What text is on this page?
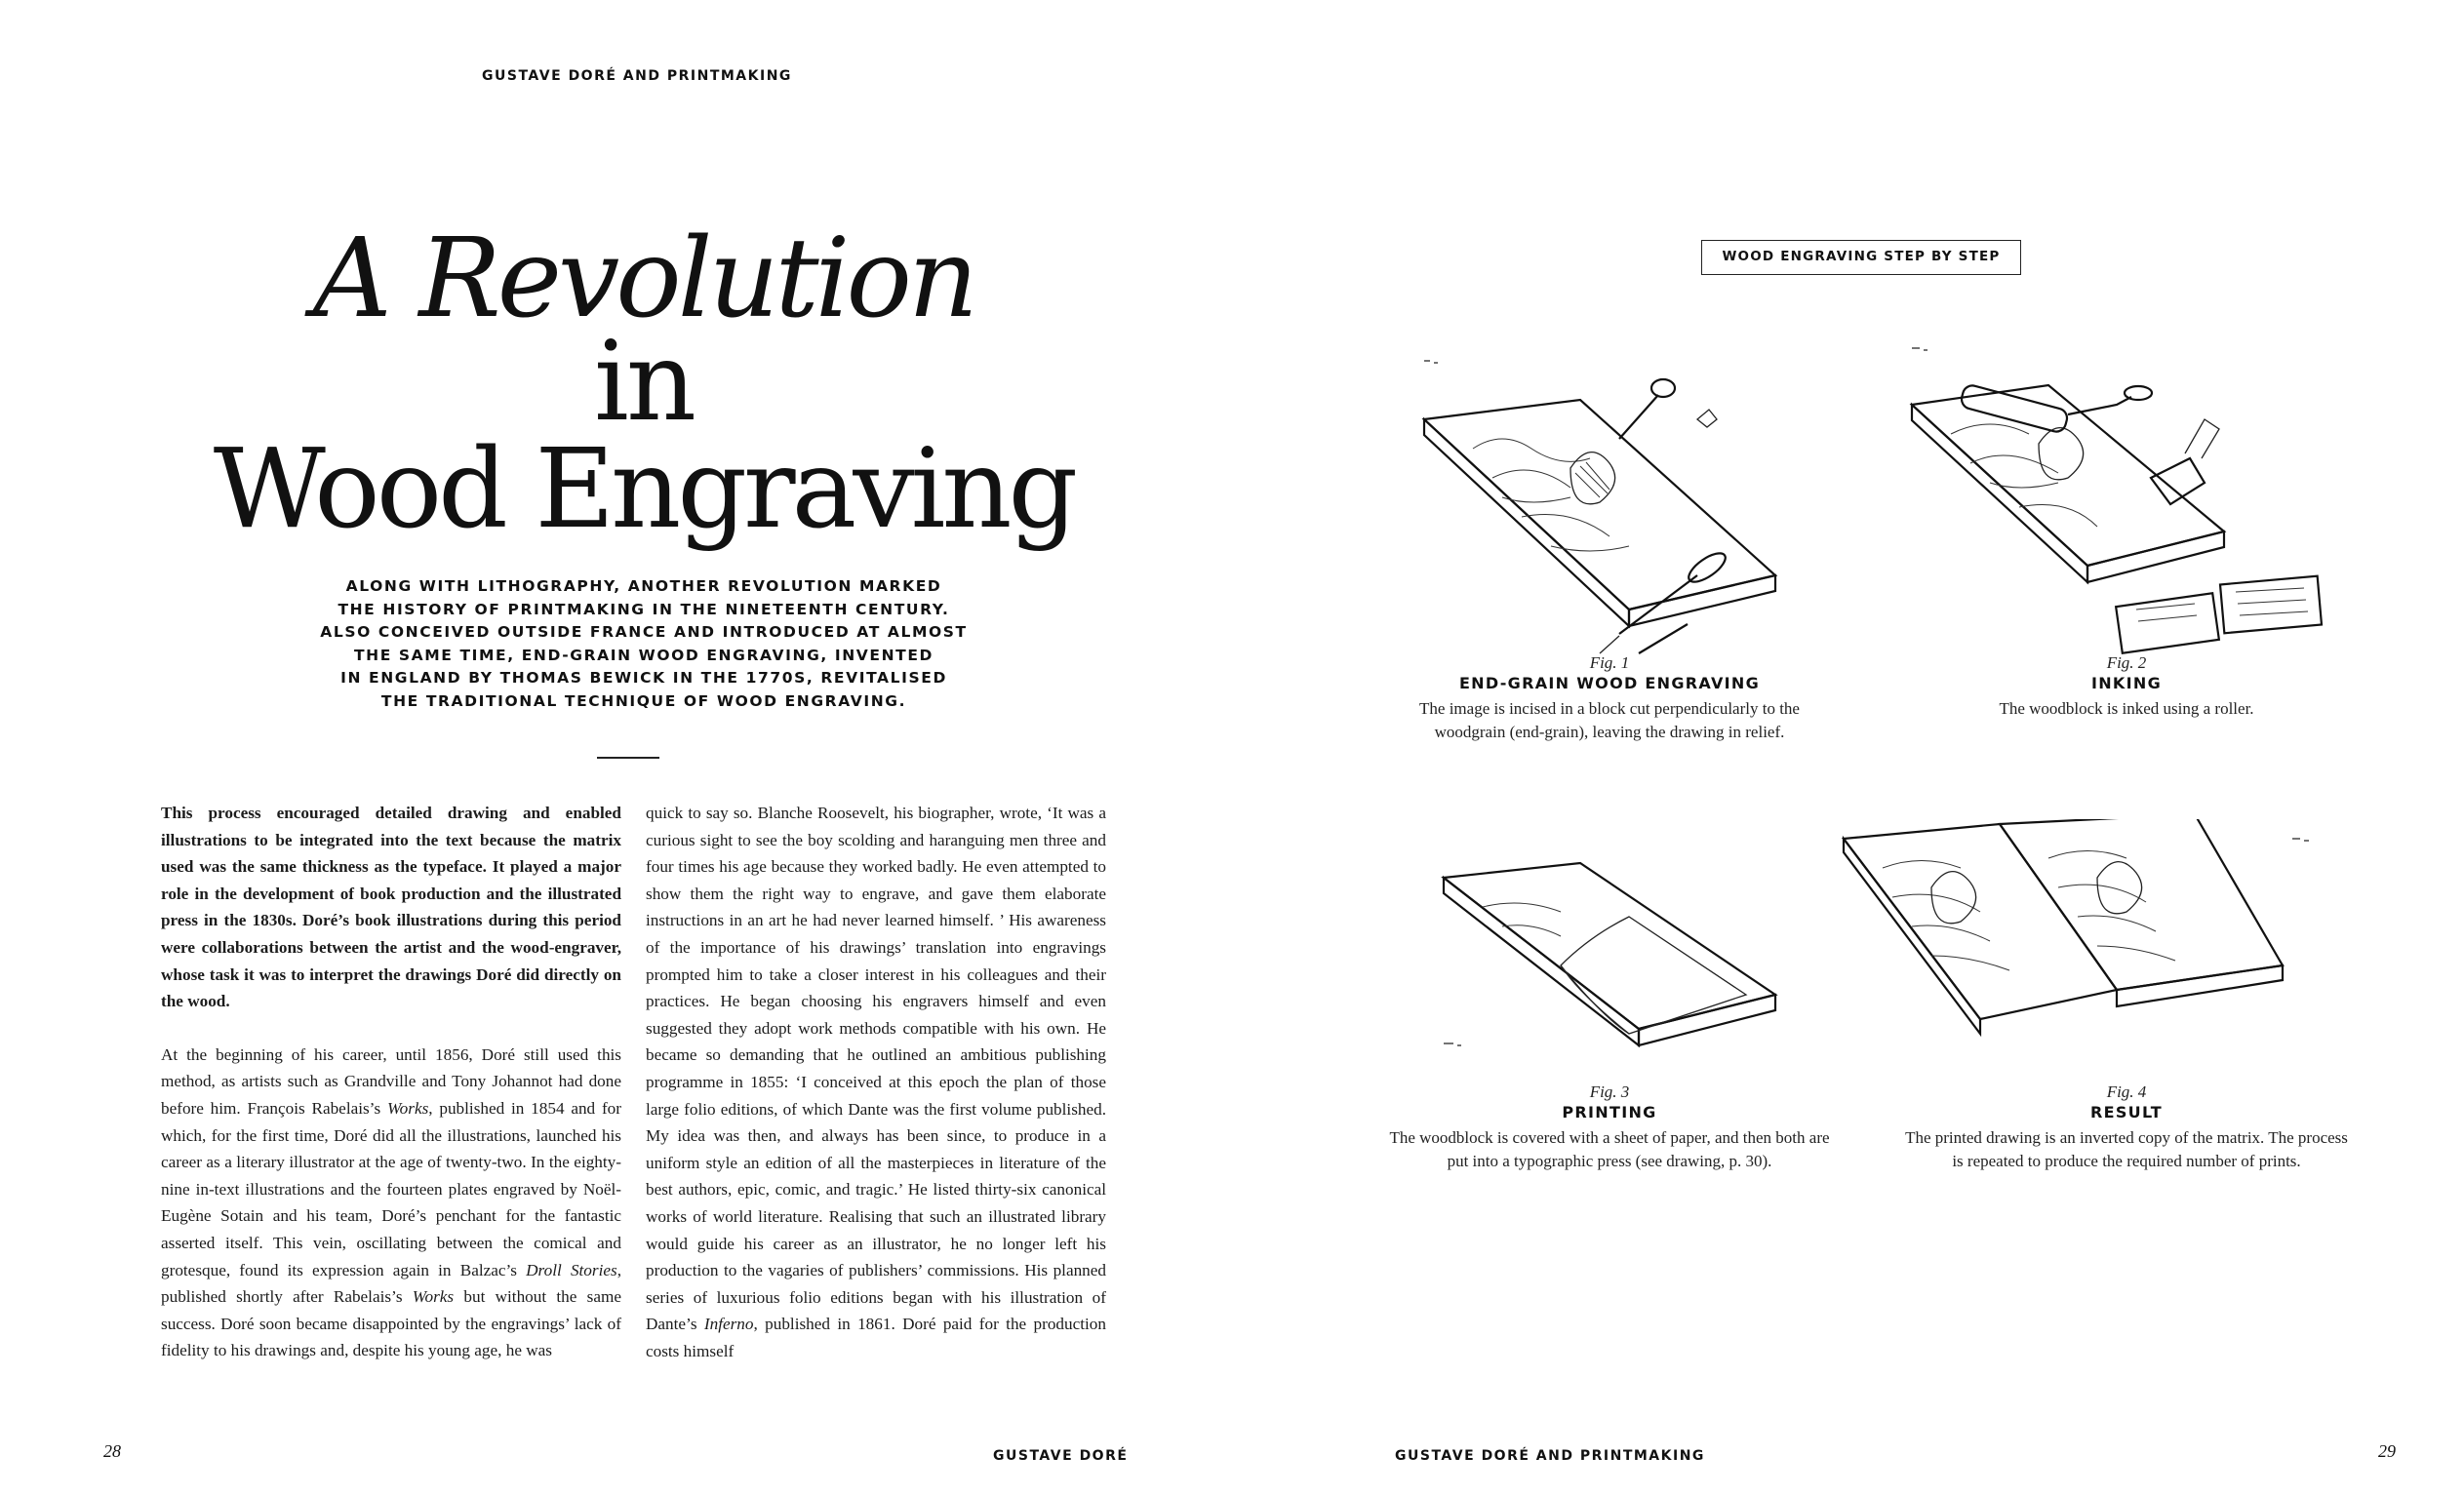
GUSTAVE DORÉ AND PRINTMAKING
A Revolution
in
Wood Engraving
ALONG WITH LITHOGRAPHY, ANOTHER REVOLUTION MARKED
THE HISTORY OF PRINTMAKING IN THE NINETEENTH CENTURY.
ALSO CONCEIVED OUTSIDE FRANCE AND INTRODUCED AT ALMOST
THE SAME TIME, END-GRAIN WOOD ENGRAVING, INVENTED
IN ENGLAND BY THOMAS BEWICK IN THE 1770S, REVITALISED
THE TRADITIONAL TECHNIQUE OF WOOD ENGRAVING.

This process encouraged detailed drawing and enabled illustrations to be integrated into the text because the matrix used was the same thickness as the typeface. It played a major role in the development of book production and the illustrated press in the 1830s. Doré’s book illustrations during this period were collaborations between the artist and the wood-engraver, whose task it was to interpret the drawings Doré did directly on the wood.

At the beginning of his career, until 1856, Doré still used this method, as artists such as Grandville and Tony Johannot had done before him. François Rabelais’s Works, published in 1854 and for which, for the first time, Doré did all the illustrations, launched his career as a literary illustrator at the age of twenty-two. In the eighty-nine in-text illustrations and the fourteen plates engraved by Noël-Eugène Sotain and his team, Doré’s penchant for the fantastic asserted itself. This vein, oscillating between the comical and grotesque, found its expression again in Balzac’s Droll Stories, published shortly after Rabelais’s Works but without the same success. Doré soon became disappointed by the engravings’ lack of fidelity to his drawings and, despite his young age, he was

quick to say so. Blanche Roosevelt, his biographer, wrote, ‘It was a curious sight to see the boy scolding and haranguing men three and four times his age because they worked badly. He even attempted to show them the right way to engrave, and gave them elaborate instructions in an art he had never learned himself. ’ His awareness of the importance of his drawings’ translation into engravings prompted him to take a closer interest in his colleagues and their practices. He began choosing his engravers himself and even suggested they adopt work methods compatible with his own. He became so demanding that he outlined an ambitious publishing programme in 1855: ‘I conceived at this epoch the plan of those large folio editions, of which Dante was the first volume published. My idea was then, and always has been since, to produce in a uniform style an edition of all the masterpieces in literature of the best authors, epic, comic, and tragic.’ He listed thirty-six canonical works of world literature. Realising that such an illustrated library would guide his career as an illustrator, he no longer left his production to the vagaries of publishers’ commissions. His planned series of luxurious folio editions began with his illustration of Dante’s Inferno, published in 1861. Doré paid for the production costs himself

28	GUSTAVE DORÉ
WOOD ENGRAVING STEP BY STEP
Fig. 1
END-GRAIN WOOD ENGRAVING
The image is incised in a block cut perpendicularly to the
woodgrain (end-grain), leaving the drawing in relief.
Fig. 2
INKING
The woodblock is inked using a roller.
Fig. 3
PRINTING
The woodblock is covered with a sheet of paper, and then both are
put into a typographic press (see drawing, p. 30).
Fig. 4
RESULT
The printed drawing is an inverted copy of the matrix. The process
is repeated to produce the required number of prints.
GUSTAVE DORÉ AND PRINTMAKING	29
